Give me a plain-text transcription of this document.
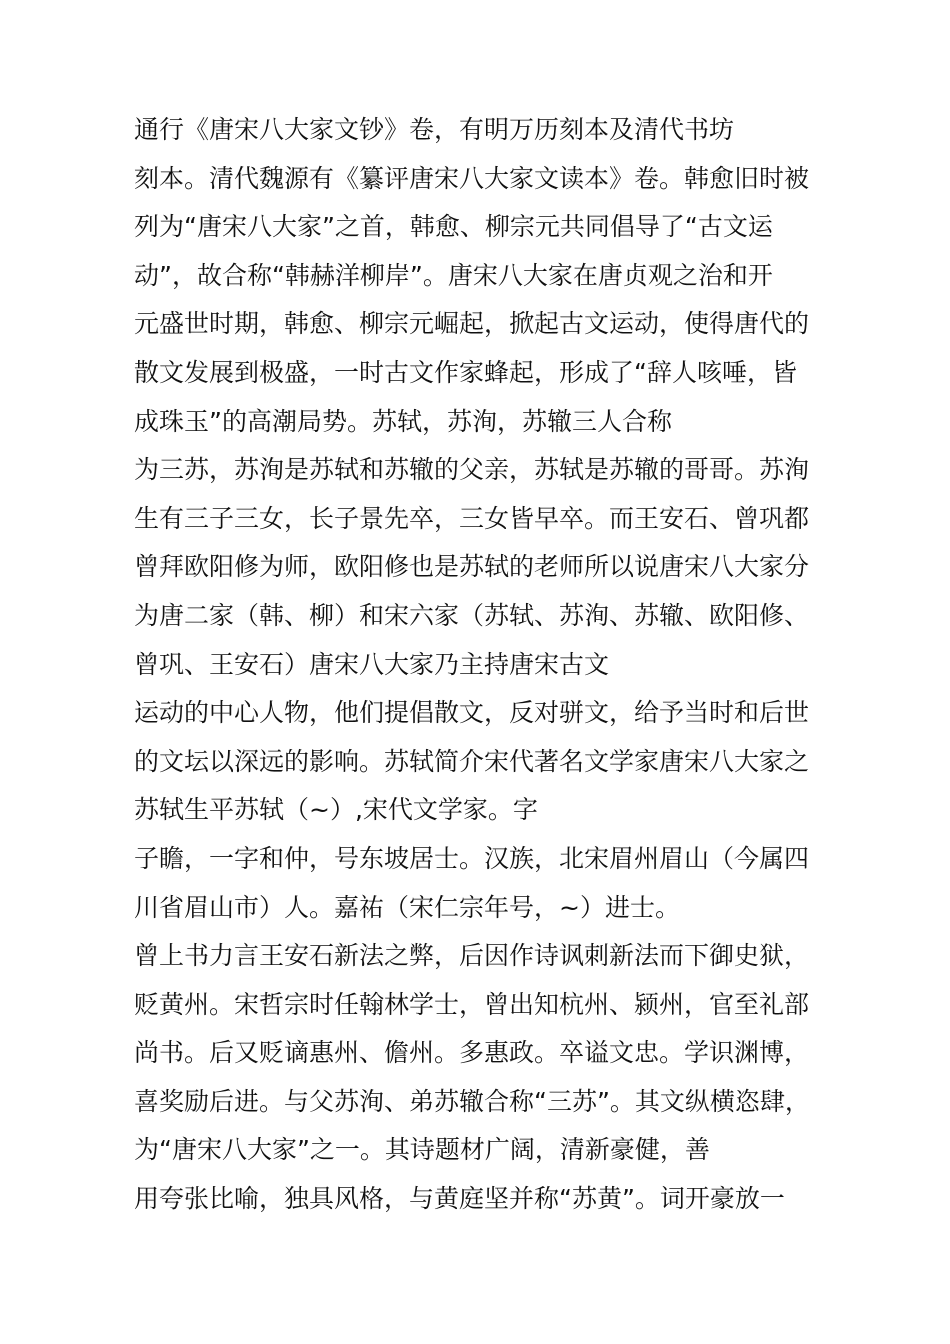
通行《唐宋八大家文钞》卷，有明万历刻本及清代书坊
刻本。清代魏源有《纂评唐宋八大家文读本》卷。韩愈旧时被
列为“唐宋八大家”之首，韩愈、柳宗元共同倡导了“古文运
动”，故合称“韩赫洋柳岸”。唐宋八大家在唐贞观之治和开
元盛世时期，韩愈、柳宗元崛起，掀起古文运动，使得唐代的
散文发展到极盛，一时古文作家蜂起，形成了“辞人咳唾，皆
成珠玉”的高潮局势。苏轼，苏洵，苏辙三人合称
为三苏，苏洵是苏轼和苏辙的父亲，苏轼是苏辙的哥哥。苏洵
生有三子三女，长子景先卒，三女皆早卒。而王安石、曾巩都
曾拜欧阳修为师，欧阳修也是苏轼的老师所以说唐宋八大家分
为唐二家（韩、柳）和宋六家（苏轼、苏洵、苏辙、欧阳修、
曾巩、王安石）唐宋八大家乃主持唐宋古文
运动的中心人物，他们提倡散文，反对骈文，给予当时和后世
的文坛以深远的影响。苏轼简介宋代著名文学家唐宋八大家之
苏轼生平苏轼（~）,宋代文学家。字
子瞻，一字和仲，号东坡居士。汉族，北宋眉州眉山（今属四
川省眉山市）人。嘉祐（宋仁宗年号，~）进士。
曾上书力言王安石新法之弊，后因作诗讽刺新法而下御史狱，
贬黄州。宋哲宗时任翰林学士，曾出知杭州、颍州，官至礼部
尚书。后又贬谪惠州、儋州。多惠政。卒谥文忠。学识渊博，
喜奖励后进。与父苏洵、弟苏辙合称“三苏”。其文纵横恣肆，
为“唐宋八大家”之一。其诗题材广阔，清新豪健，善
用夸张比喻，独具风格，与黄庭坚并称“苏黄”。词开豪放一
